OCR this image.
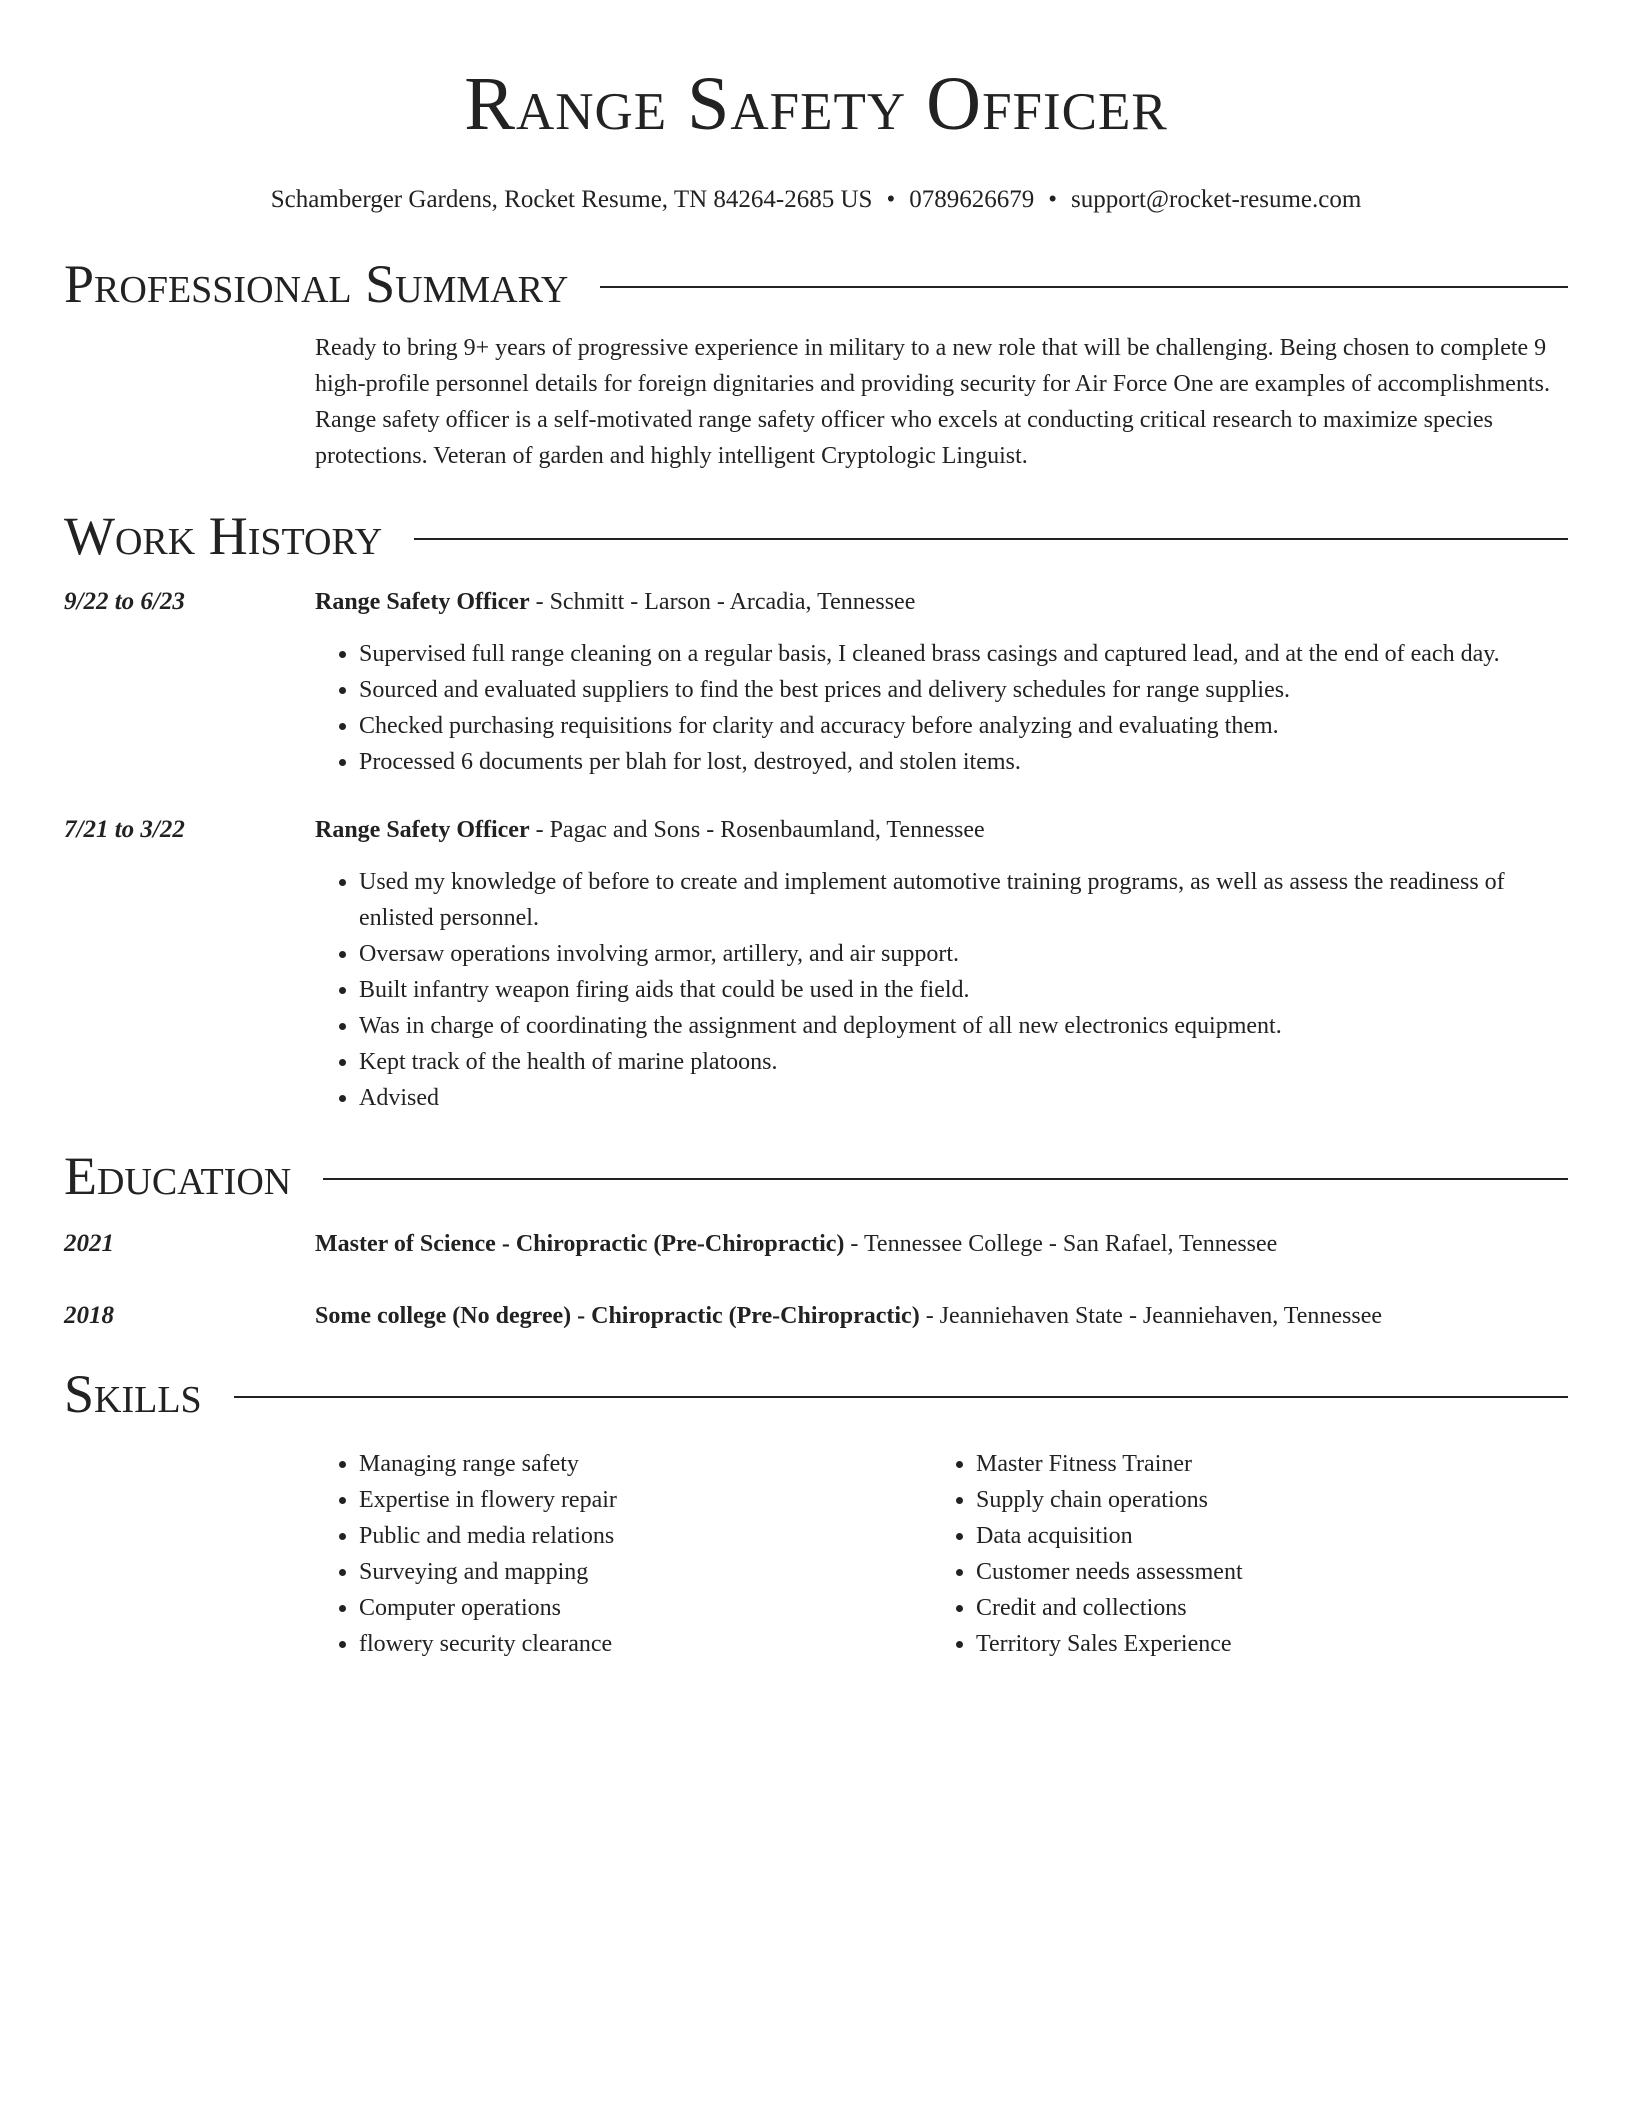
Range Safety Officer
Schamberger Gardens, Rocket Resume, TN 84264-2685 US • 0789626679 • support@rocket-resume.com
Professional Summary
Ready to bring 9+ years of progressive experience in military to a new role that will be challenging. Being chosen to complete 9 high-profile personnel details for foreign dignitaries and providing security for Air Force One are examples of accomplishments. Range safety officer is a self-motivated range safety officer who excels at conducting critical research to maximize species protections. Veteran of garden and highly intelligent Cryptologic Linguist.
Work History
9/22 to 6/23	Range Safety Officer - Schmitt - Larson - Arcadia, Tennessee
• Supervised full range cleaning on a regular basis, I cleaned brass casings and captured lead, and at the end of each day.
• Sourced and evaluated suppliers to find the best prices and delivery schedules for range supplies.
• Checked purchasing requisitions for clarity and accuracy before analyzing and evaluating them.
• Processed 6 documents per blah for lost, destroyed, and stolen items.
7/21 to 3/22	Range Safety Officer - Pagac and Sons - Rosenbaumland, Tennessee
• Used my knowledge of before to create and implement automotive training programs, as well as assess the readiness of enlisted personnel.
• Oversaw operations involving armor, artillery, and air support.
• Built infantry weapon firing aids that could be used in the field.
• Was in charge of coordinating the assignment and deployment of all new electronics equipment.
• Kept track of the health of marine platoons.
• Advised
Education
2021	Master of Science - Chiropractic (Pre-Chiropractic) - Tennessee College - San Rafael, Tennessee
2018	Some college (No degree) - Chiropractic (Pre-Chiropractic) - Jeanniehaven State - Jeanniehaven, Tennessee
Skills
• Managing range safety
• Expertise in flowery repair
• Public and media relations
• Surveying and mapping
• Computer operations
• flowery security clearance
• Master Fitness Trainer
• Supply chain operations
• Data acquisition
• Customer needs assessment
• Credit and collections
• Territory Sales Experience
